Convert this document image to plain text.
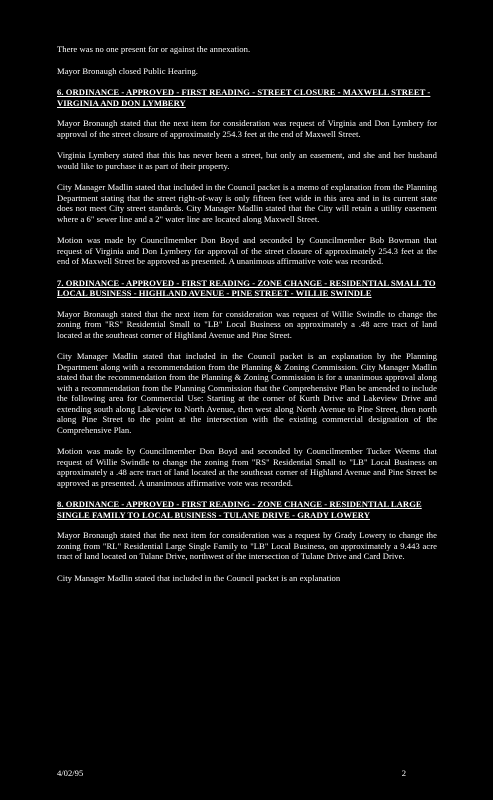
There was no one present for or against the annexation.

Mayor Bronaugh closed Public Hearing.

6. ORDINANCE - APPROVED - FIRST READING - STREET CLOSURE - MAXWELL STREET - VIRGINIA AND DON LYMBERY

Mayor Bronaugh stated that the next item for consideration was request of Virginia and Don Lymbery for approval of the street closure of approximately 254.3 feet at the end of Maxwell Street.

Virginia Lymbery stated that this has never been a street, but only an easement, and she and her husband would like to purchase it as part of their property.

City Manager Madlin stated that included in the Council packet is a memo of explanation from the Planning Department stating that the street right-of-way is only fifteen feet wide in this area and in its current state does not meet City street standards. City Manager Madlin stated that the City will retain a utility easement where a 6" sewer line and a 2" water line are located along Maxwell Street.

Motion was made by Councilmember Don Boyd and seconded by Councilmember Bob Bowman that request of Virginia and Don Lymbery for approval of the street closure of approximately 254.3 feet at the end of Maxwell Street be approved as presented. A unanimous affirmative vote was recorded.

7. ORDINANCE - APPROVED - FIRST READING - ZONE CHANGE - RESIDENTIAL SMALL TO LOCAL BUSINESS - HIGHLAND AVENUE - PINE STREET - WILLIE SWINDLE

Mayor Bronaugh stated that the next item for consideration was request of Willie Swindle to change the zoning from "RS" Residential Small to "LB" Local Business on approximately a .48 acre tract of land located at the southeast corner of Highland Avenue and Pine Street.

City Manager Madlin stated that included in the Council packet is an explanation by the Planning Department along with a recommendation from the Planning & Zoning Commission. City Manager Madlin stated that the recommendation from the Planning & Zoning Commission is for a unanimous approval along with a recommendation from the Planning Commission that the Comprehensive Plan be amended to include the following area for Commercial Use: Starting at the corner of Kurth Drive and Lakeview Drive and extending south along Lakeview to North Avenue, then west along North Avenue to Pine Street, then north along Pine Street to the point at the intersection with the existing commercial designation of the Comprehensive Plan.

Motion was made by Councilmember Don Boyd and seconded by Councilmember Tucker Weems that request of Willie Swindle to change the zoning from "RS" Residential Small to "LB" Local Business on approximately a .48 acre tract of land located at the southeast corner of Highland Avenue and Pine Street be approved as presented. A unanimous affirmative vote was recorded.

8. ORDINANCE - APPROVED - FIRST READING - ZONE CHANGE - RESIDENTIAL LARGE SINGLE FAMILY TO LOCAL BUSINESS - TULANE DRIVE - GRADY LOWERY

Mayor Bronaugh stated that the next item for consideration was a request by Grady Lowery to change the zoning from "RL" Residential Large Single Family to "LB" Local Business, on approximately a 9.443 acre tract of land located on Tulane Drive, northwest of the intersection of Tulane Drive and Card Drive.

City Manager Madlin stated that included in the Council packet is an explanation

4/02/95	2
